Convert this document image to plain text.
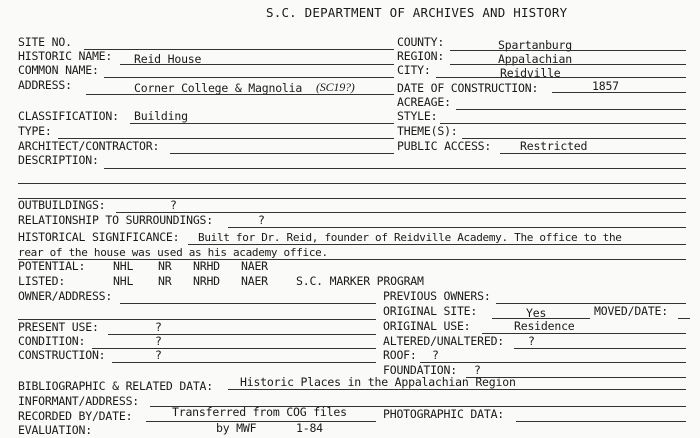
S.C. DEPARTMENT OF ARCHIVES AND HISTORY
SITE NO.	COUNTY:	Spartanburg
HISTORIC NAME: Reid House	REGION:	Appalachian
COMMON NAME:	CITY:	Reidville
ADDRESS:	Corner College & Magnolia (SC19?)	DATE OF CONSTRUCTION:	1857
ACREAGE:
CLASSIFICATION: Building	STYLE:
TYPE:	THEME(S):
ARCHITECT/CONTRACTOR:	PUBLIC ACCESS:	Restricted
DESCRIPTION:
OUTBUILDINGS:	?
RELATIONSHIP TO SURROUNDINGS:	?
HISTORICAL SIGNIFICANCE: Built for Dr. Reid, founder of Reidville Academy. The office to the
rear of the house was used as his academy office.
POTENTIAL: NHL NR NRHD NAER
LISTED:	NHL NR NRHD NAER S.C. MARKER PROGRAM
OWNER/ADDRESS:	PREVIOUS OWNERS:
ORIGINAL SITE:	Yes	MOVED/DATE:
PRESENT USE:	?	ORIGINAL USE:	Residence
CONDITION:	?	ALTERED/UNALTERED: ?
CONSTRUCTION:	?	ROOF: ?
FOUNDATION: ?
BIBLIOGRAPHIC & RELATED DATA: Historic Places in the Appalachian Region
INFORMANT/ADDRESS:
RECORDED BY/DATE:	Transferred from COG files	PHOTOGRAPHIC DATA:
EVALUATION:	by MWF	1-84
